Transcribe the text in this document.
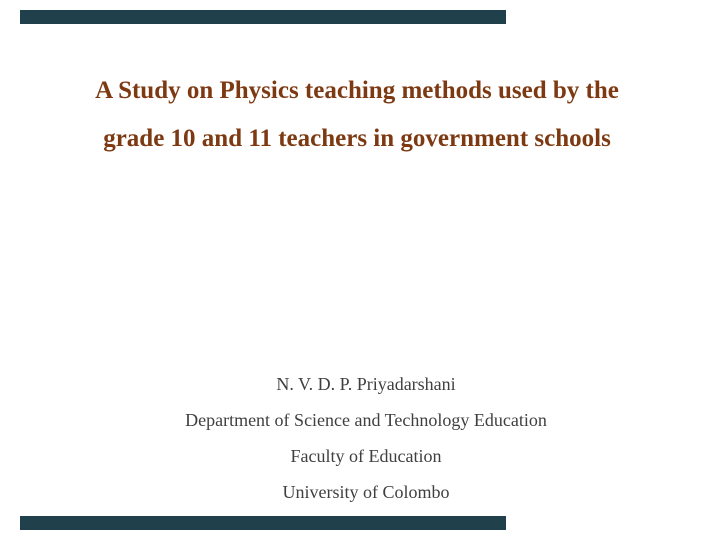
A Study on Physics teaching methods used by the
grade 10 and 11 teachers in government schools
N. V. D. P. Priyadarshani
Department of Science and Technology Education
Faculty of Education
University of Colombo
